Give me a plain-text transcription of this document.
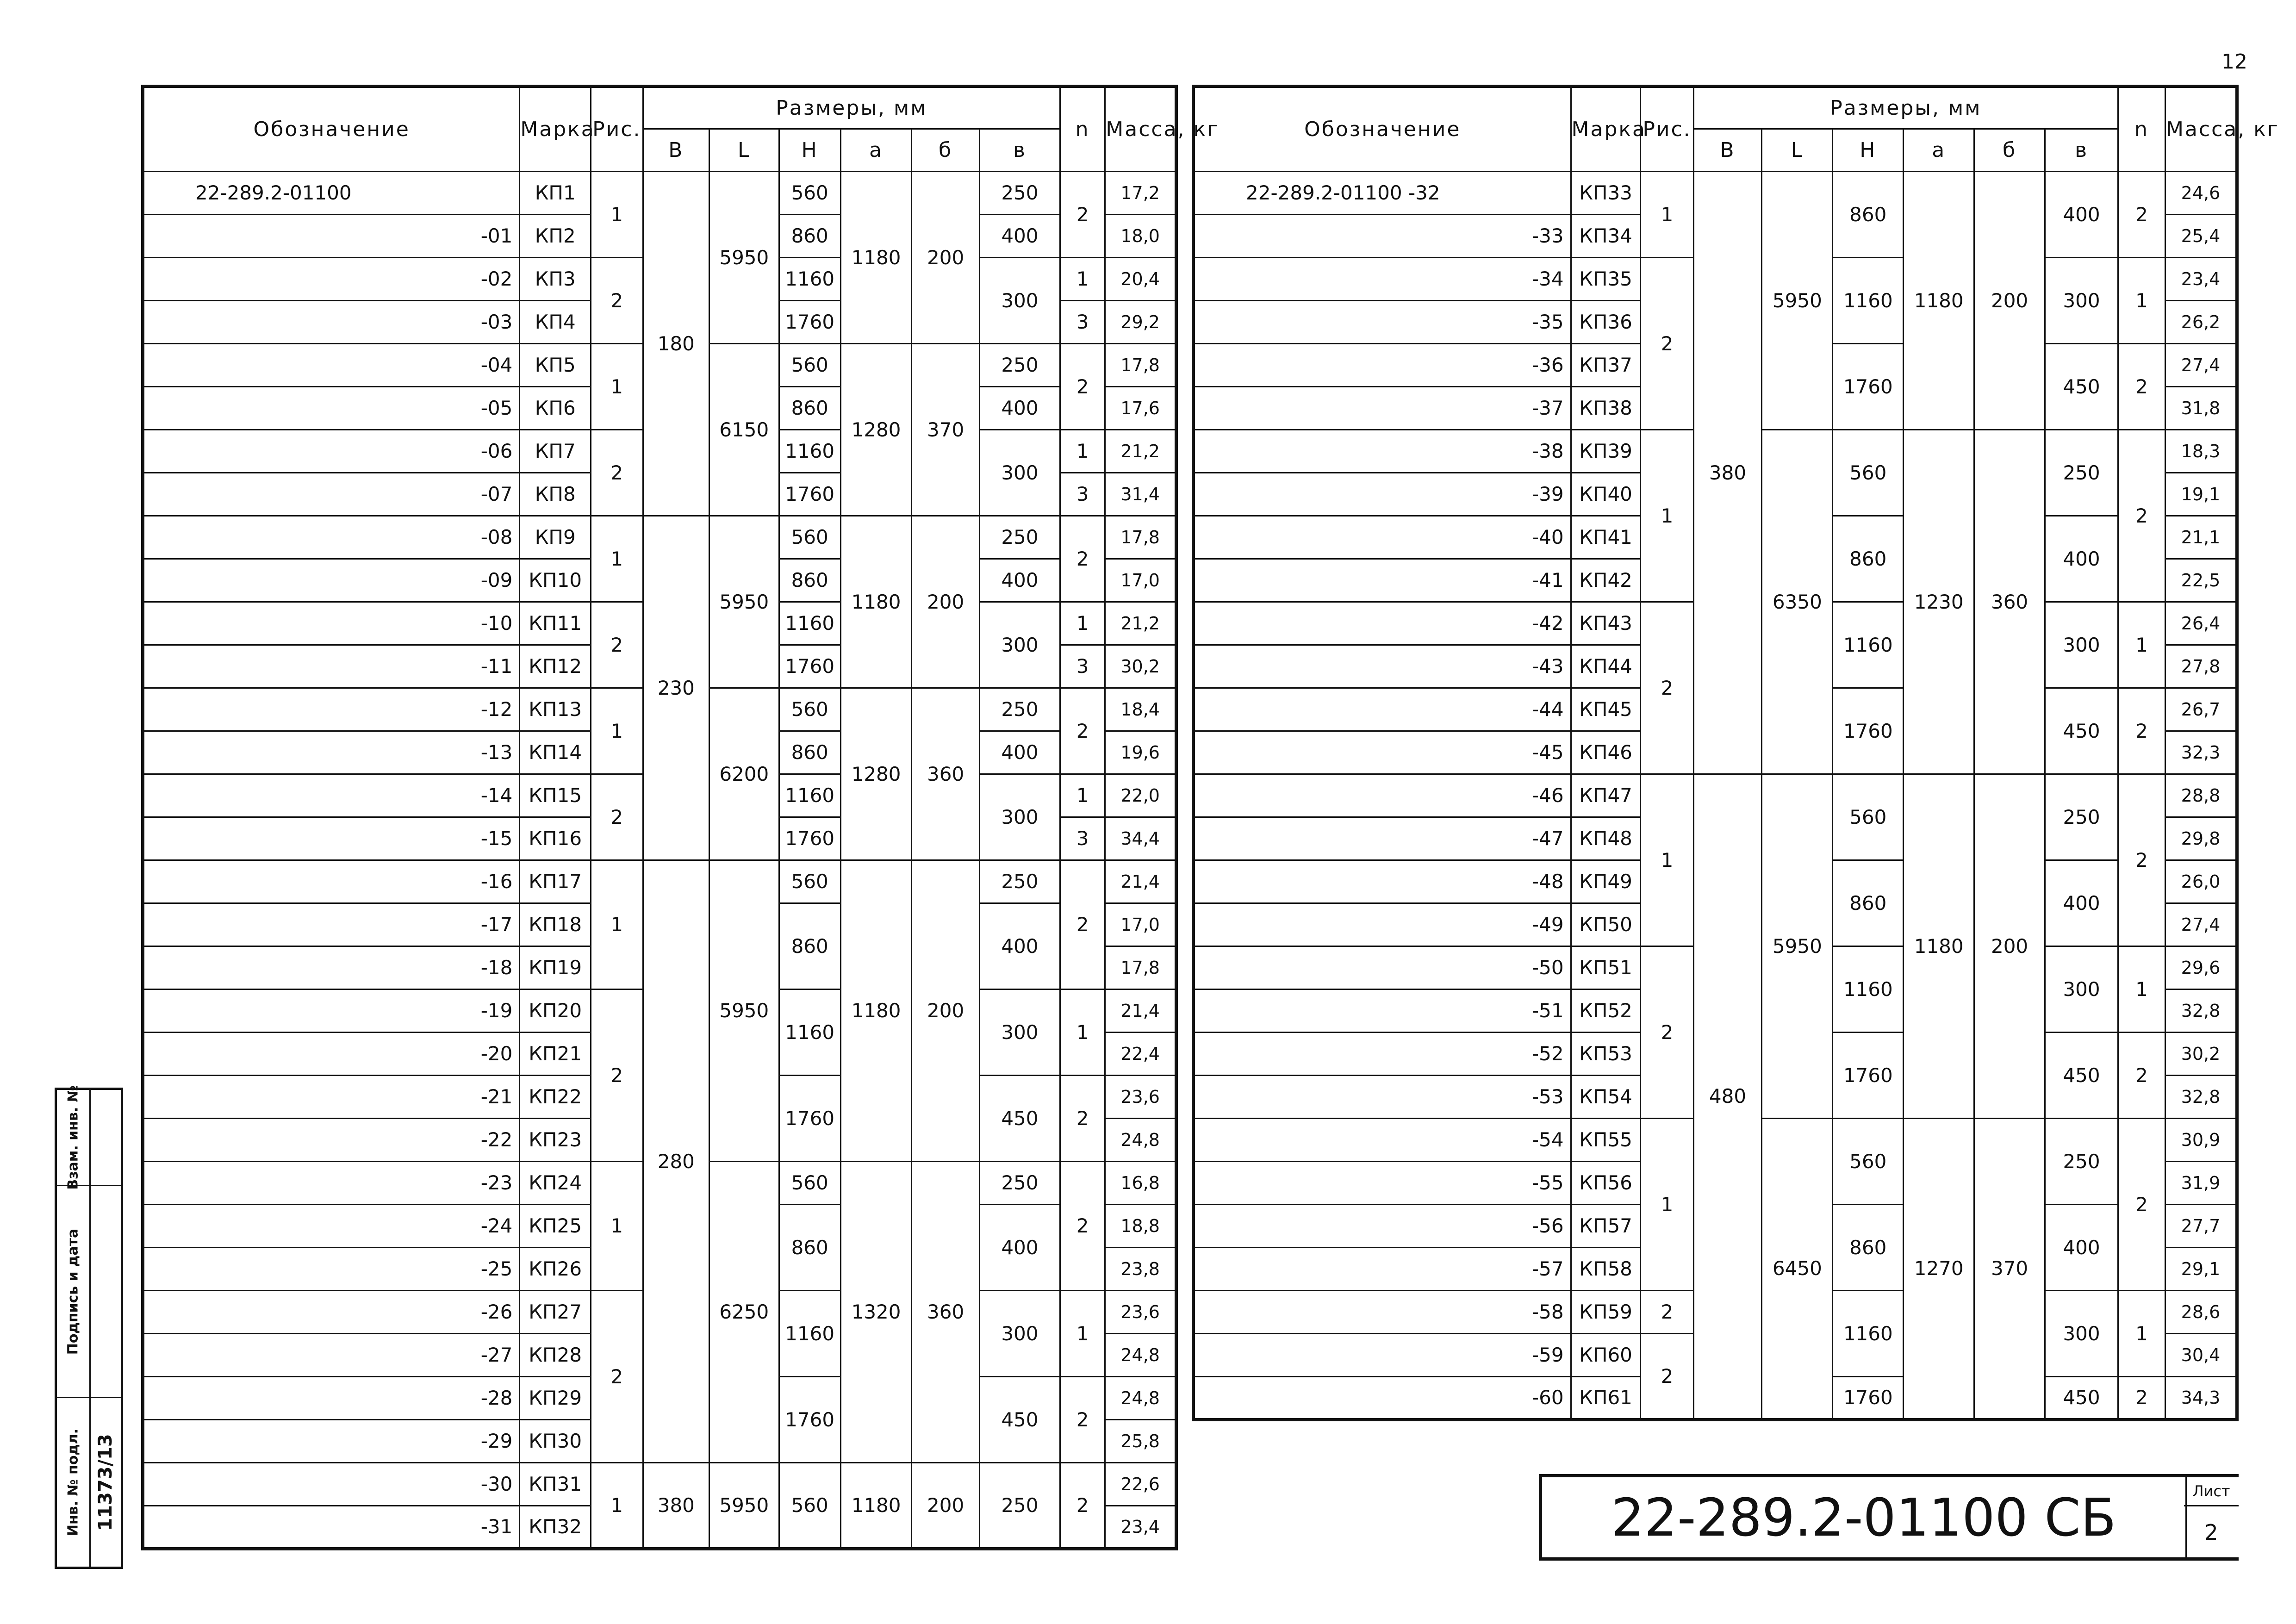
12
Обозначение	Марка	Рис.	Размеры, мм						n	Масса, кг
			В	L	Н	а	б	в		
22-289.2-01100	КП1	1	180	5950	560	1180	200	250	2	17,2
-01	КП2				860			400		18,0
-02	КП3	2			1160			300	1	20,4
-03	КП4				1760				3	29,2
-04	КП5	1		6150	560	1280	370	250	2	17,8
-05	КП6				860			400		17,6
-06	КП7	2			1160			300	1	21,2
-07	КП8				1760				3	31,4
-08	КП9	1	230	5950	560	1180	200	250	2	17,8
-09	КП10				860			400		17,0
-10	КП11	2			1160			300	1	21,2
-11	КП12				1760				3	30,2
-12	КП13	1		6200	560	1280	360	250	2	18,4
-13	КП14				860			400		19,6
-14	КП15	2			1160			300	1	22,0
-15	КП16				1760				3	34,4
-16	КП17	1	280	5950	560	1180	200	250	2	21,4
-17	КП18				860			400		17,0
-18	КП19									17,8
-19	КП20	2			1160			300	1	21,4
-20	КП21									22,4
-21	КП22				1760			450	2	23,6
-22	КП23									24,8
-23	КП24	1		6250	560	1320	360	250	2	16,8
-24	КП25				860			400		18,8
-25	КП26									23,8
-26	КП27	2			1160			300	1	23,6
-27	КП28									24,8
-28	КП29				1760			450	2	24,8
-29	КП30									25,8
-30	КП31	1	380	5950	560	1180	200	250	2	22,6
-31	КП32									23,4
Обозначение	Марка	Рис.	Размеры, мм						n	Масса, кг
			В	L	Н	а	б	в		
22-289.2-01100 -32	КП33	1	380	5950	860	1180	200	400	2	24,6
-33	КП34									25,4
-34	КП35	2			1160			300	1	23,4
-35	КП36									26,2
-36	КП37				1760			450	2	27,4
-37	КП38									31,8
-38	КП39	1		6350	560	1230	360	250	2	18,3
-39	КП40									19,1
-40	КП41				860			400		21,1
-41	КП42									22,5
-42	КП43	2			1160			300	1	26,4
-43	КП44									27,8
-44	КП45				1760			450	2	26,7
-45	КП46									32,3
-46	КП47	1	480	5950	560	1180	200	250	2	28,8
-47	КП48									29,8
-48	КП49				860			400		26,0
-49	КП50									27,4
-50	КП51	2			1160			300	1	29,6
-51	КП52									32,8
-52	КП53				1760			450	2	30,2
-53	КП54									32,8
-54	КП55	1		6450	560	1270	370	250	2	30,9
-55	КП56									31,9
-56	КП57				860			400		27,7
-57	КП58									29,1
-58	КП59	2			1160			300	1	28,6
-59	КП60	2								30,4
-60	КП61				1760			450	2	34,3
22-289.2-01100 СБ	Лист
2
Взам. инв. №
Подпись и дата
Инв. № подл. 11373/13
